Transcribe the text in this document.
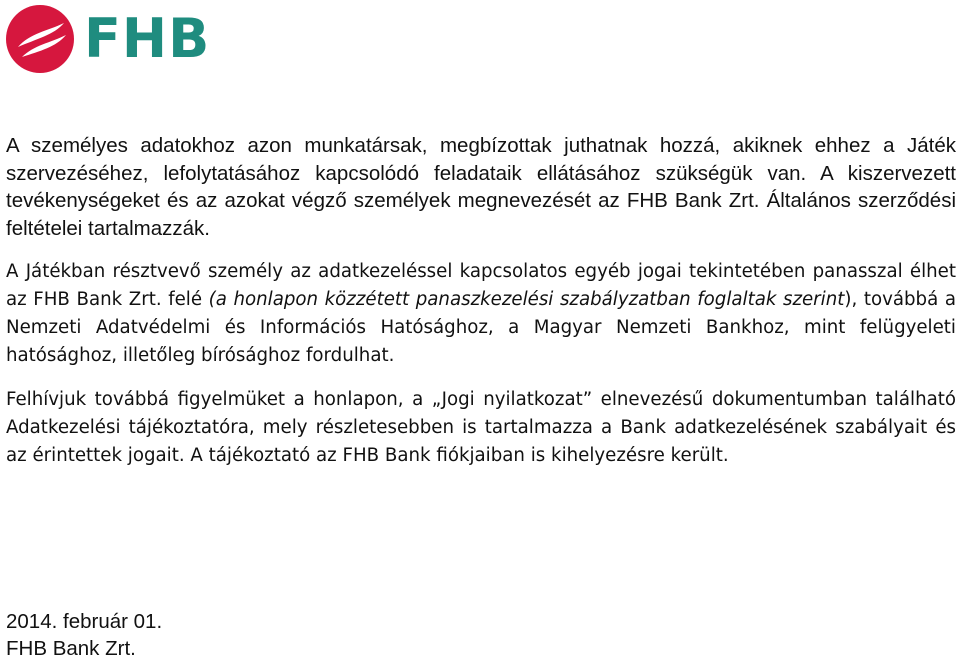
FHB

A személyes adatokhoz azon munkatársak, megbízottak juthatnak hozzá, akiknek ehhez a Játék szervezéséhez, lefolytatásához kapcsolódó feladataik ellátásához szükségük van. A kiszervezett tevékenységeket és az azokat végző személyek megnevezését az FHB Bank Zrt. Általános szerződési feltételei tartalmazzák.

A Játékban résztvevő személy az adatkezeléssel kapcsolatos egyéb jogai tekintetében panasszal élhet az FHB Bank Zrt. felé (a honlapon közzétett panaszkezelési szabályzatban foglaltak szerint), továbbá a Nemzeti Adatvédelmi és Információs Hatósághoz, a Magyar Nemzeti Bankhoz, mint felügyeleti hatósághoz, illetőleg bírósághoz fordulhat.

Felhívjuk továbbá figyelmüket a honlapon, a „Jogi nyilatkozat” elnevezésű dokumentumban található Adatkezelési tájékoztatóra, mely részletesebben is tartalmazza a Bank adatkezelésének szabályait és az érintettek jogait. A tájékoztató az FHB Bank fiókjaiban is kihelyezésre került.

2014. február 01.
FHB Bank Zrt.
